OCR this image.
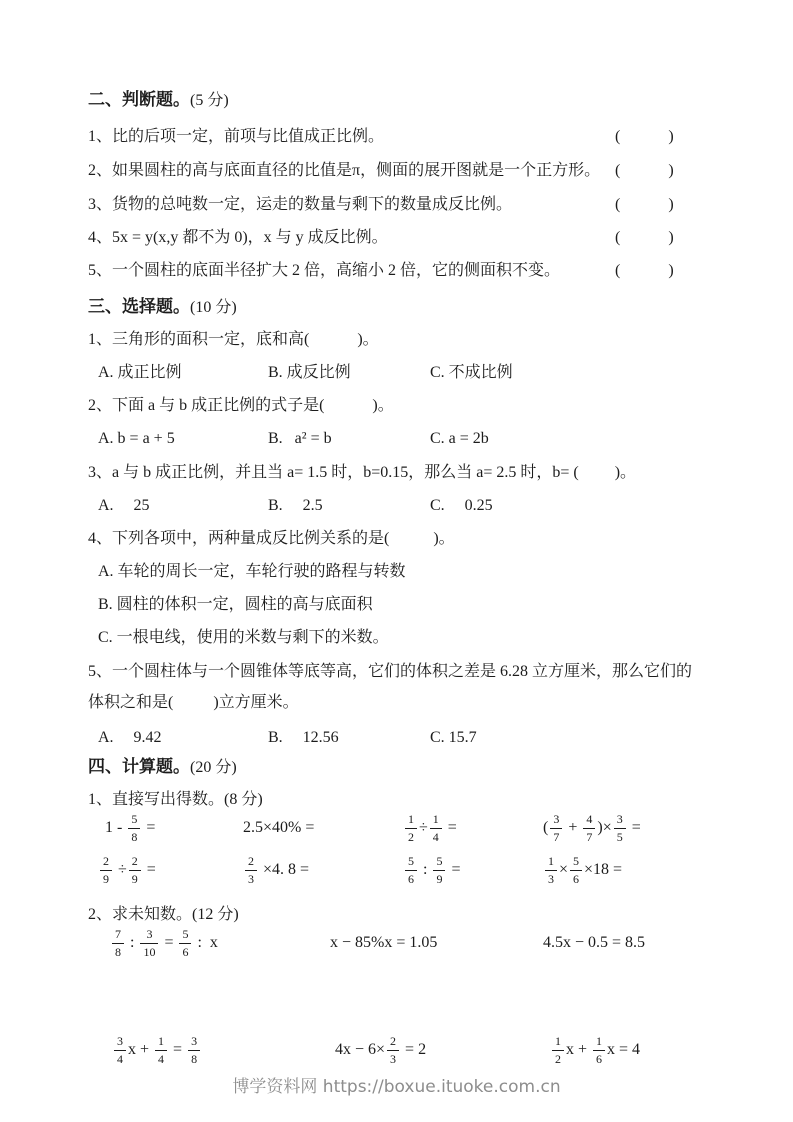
二、判断题。(5 分)
1、比的后项一定，前项与比值成正比例。	(            )
2、如果圆柱的高与底面直径的比值是π，侧面的展开图就是一个正方形。 (            )
3、货物的总吨数一定，运走的数量与剩下的数量成反比例。	(            )
4、5x = y(x,y 都不为 0)，x 与 y 成反比例。	(            )
5、一个圆柱的底面半径扩大 2 倍，高缩小 2 倍，它的侧面积不变。	(            )
三、选择题。(10 分)
1、三角形的面积一定，底和高(            )。
A. 成正比例	B. 成反比例	C. 不成比例
2、下面 a 与 b 成正比例的式子是(            )。
A. b = a + 5	B.   a² = b	C. a = 2b
3、a 与 b 成正比例，并且当 a= 1.5 时，b=0.15，那么当 a= 2.5 时，b= (         )。
A.     25	B.     2.5	C.     0.25
4、下列各项中，两种量成反比例关系的是(           )。
A. 车轮的周长一定，车轮行驶的路程与转数
B. 圆柱的体积一定，圆柱的高与底面积
C. 一根电线，使用的米数与剩下的米数。
5、一个圆柱体与一个圆锥体等底等高，它们的体积之差是 6.28 立方厘米，那么它们的
体积之和是(          )立方厘米。
A.     9.42	B.     12.56	C. 15.7
四、计算题。(20 分)
1、直接写出得数。(8 分)
$1 - \frac{5}{8}$ =	2.5×40% =	$\frac{1}{2} \div \frac{1}{4}$ =	( $\frac{3}{7} + \frac{4}{7}$ )× $\frac{3}{5}$ =
$\frac{2}{9} \div \frac{2}{9}$ =	$\frac{2}{3} \times 4$. 8 =	$\frac{5}{6}$ : $\frac{5}{9}$ =	$\frac{1}{3} \times \frac{5}{6} \times 18$ =
2、求未知数。(12 分)
$\frac{7}{8}$ : $\frac{3}{10} = \frac{5}{6}$ :  x	x − 85%x = 1.05	4.5x − 0.5 = 8.5
$\frac{3}{4}$ $x + \frac{1}{4} = \frac{3}{8}$	$4x - 6\times \frac{2}{3} = 2$	$\frac{1}{2}$ $x + \frac{1}{6}$ x = 4
博学资料网 https://boxue.ituoke.com.cn
